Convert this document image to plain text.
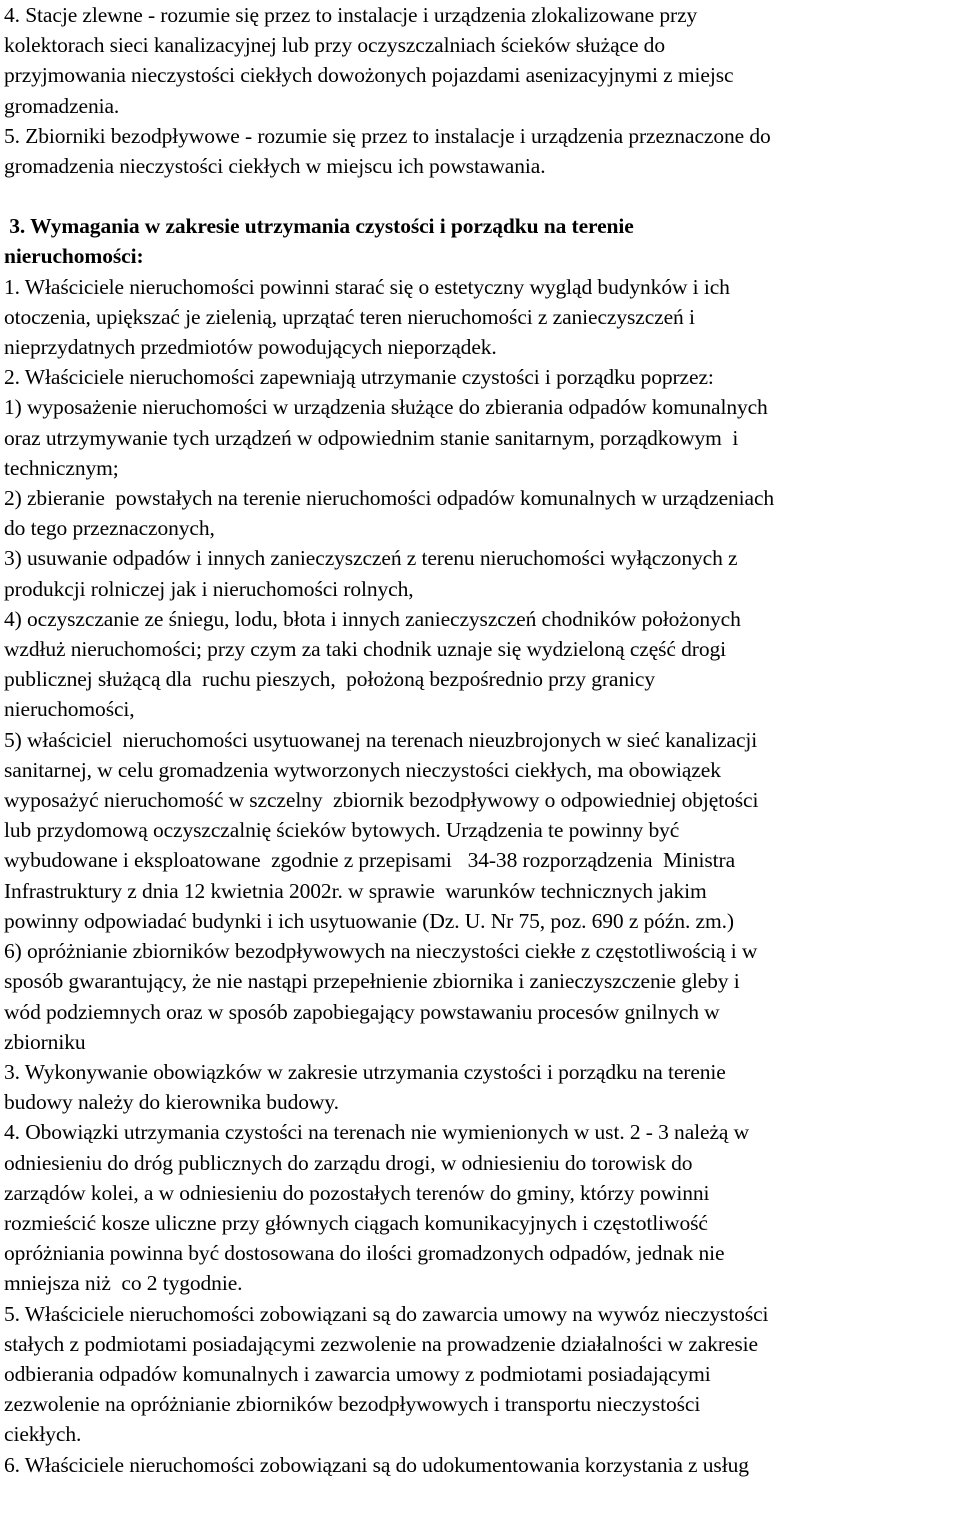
4. Stacje zlewne - rozumie się przez to instalacje i urządzenia zlokalizowane przy
kolektorach sieci kanalizacyjnej lub przy oczyszczalniach ścieków służące do
przyjmowania nieczystości ciekłych dowożonych pojazdami asenizacyjnymi z miejsc
gromadzenia.
5. Zbiorniki bezodpływowe - rozumie się przez to instalacje i urządzenia przeznaczone do
gromadzenia nieczystości ciekłych w miejscu ich powstawania.
3. Wymagania w zakresie utrzymania czystości i porządku na terenie
nieruchomości:
1. Właściciele nieruchomości powinni starać się o estetyczny wygląd budynków i ich
otoczenia, upiększać je zielenią, uprzątać teren nieruchomości z zanieczyszczeń i
nieprzydatnych przedmiotów powodujących nieporządek.
2. Właściciele nieruchomości zapewniają utrzymanie czystości i porządku poprzez:
1) wyposażenie nieruchomości w urządzenia służące do zbierania odpadów komunalnych
oraz utrzymywanie tych urządzeń w odpowiednim stanie sanitarnym, porządkowym  i
technicznym;
2) zbieranie  powstałych na terenie nieruchomości odpadów komunalnych w urządzeniach
do tego przeznaczonych,
3) usuwanie odpadów i innych zanieczyszczeń z terenu nieruchomości wyłączonych z
produkcji rolniczej jak i nieruchomości rolnych,
4) oczyszczanie ze śniegu, lodu, błota i innych zanieczyszczeń chodników położonych
wzdłuż nieruchomości; przy czym za taki chodnik uznaje się wydzieloną część drogi
publicznej służącą dla  ruchu pieszych,  położoną bezpośrednio przy granicy
nieruchomości,
5) właściciel  nieruchomości usytuowanej na terenach nieuzbrojonych w sieć kanalizacji
sanitarnej, w celu gromadzenia wytworzonych nieczystości ciekłych, ma obowiązek
wyposażyć nieruchomość w szczelny  zbiornik bezodpływowy o odpowiedniej objętości
lub przydomową oczyszczalnię ścieków bytowych. Urządzenia te powinny być
wybudowane i eksploatowane  zgodnie z przepisami   34-38 rozporządzenia  Ministra
Infrastruktury z dnia 12 kwietnia 2002r. w sprawie  warunków technicznych jakim
powinny odpowiadać budynki i ich usytuowanie (Dz. U. Nr 75, poz. 690 z późn. zm.)
6) opróżnianie zbiorników bezodpływowych na nieczystości ciekłe z częstotliwością i w
sposób gwarantujący, że nie nastąpi przepełnienie zbiornika i zanieczyszczenie gleby i
wód podziemnych oraz w sposób zapobiegający powstawaniu procesów gnilnych w
zbiorniku
3. Wykonywanie obowiązków w zakresie utrzymania czystości i porządku na terenie
budowy należy do kierownika budowy.
4. Obowiązki utrzymania czystości na terenach nie wymienionych w ust. 2 - 3 należą w
odniesieniu do dróg publicznych do zarządu drogi, w odniesieniu do torowisk do
zarządów kolei, a w odniesieniu do pozostałych terenów do gminy, którzy powinni
rozmieścić kosze uliczne przy głównych ciągach komunikacyjnych i częstotliwość
opróżniania powinna być dostosowana do ilości gromadzonych odpadów, jednak nie
mniejsza niż  co 2 tygodnie.
5. Właściciele nieruchomości zobowiązani są do zawarcia umowy na wywóz nieczystości
stałych z podmiotami posiadającymi zezwolenie na prowadzenie działalności w zakresie
odbierania odpadów komunalnych i zawarcia umowy z podmiotami posiadającymi
zezwolenie na opróżnianie zbiorników bezodpływowych i transportu nieczystości
ciekłych.
6. Właściciele nieruchomości zobowiązani są do udokumentowania korzystania z usług
